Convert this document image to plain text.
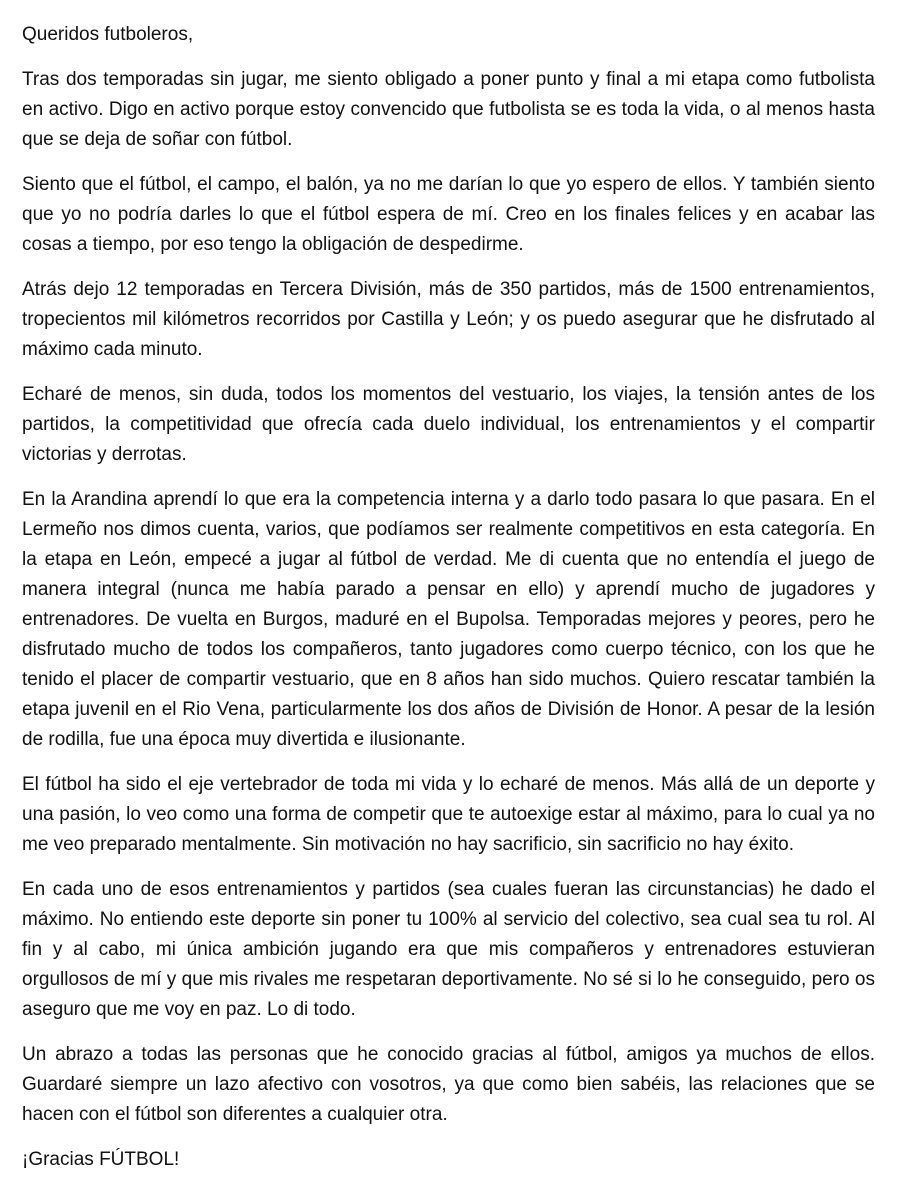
Queridos futboleros,

Tras dos temporadas sin jugar, me siento obligado a poner punto y final a mi etapa como futbolista en activo. Digo en activo porque estoy convencido que futbolista se es toda la vida, o al menos hasta que se deja de soñar con fútbol.

Siento que el fútbol, el campo, el balón, ya no me darían lo que yo espero de ellos. Y también siento que yo no podría darles lo que el fútbol espera de mí. Creo en los finales felices y en acabar las cosas a tiempo, por eso tengo la obligación de despedirme.

Atrás dejo 12 temporadas en Tercera División, más de 350 partidos, más de 1500 entrenamientos, tropecientos mil kilómetros recorridos por Castilla y León; y os puedo asegurar que he disfrutado al máximo cada minuto.

Echaré de menos, sin duda, todos los momentos del vestuario, los viajes, la tensión antes de los partidos, la competitividad que ofrecía cada duelo individual, los entrenamientos y el compartir victorias y derrotas.

En la Arandina aprendí lo que era la competencia interna y a darlo todo pasara lo que pasara. En el Lermeño nos dimos cuenta, varios, que podíamos ser realmente competitivos en esta categoría. En la etapa en León, empecé a jugar al fútbol de verdad. Me di cuenta que no entendía el juego de manera integral (nunca me había parado a pensar en ello) y aprendí mucho de jugadores y entrenadores. De vuelta en Burgos, maduré en el Bupolsa. Temporadas mejores y peores, pero he disfrutado mucho de todos los compañeros, tanto jugadores como cuerpo técnico, con los que he tenido el placer de compartir vestuario, que en 8 años han sido muchos. Quiero rescatar también la etapa juvenil en el Rio Vena, particularmente los dos años de División de Honor. A pesar de la lesión de rodilla, fue una época muy divertida e ilusionante.

El fútbol ha sido el eje vertebrador de toda mi vida y lo echaré de menos. Más allá de un deporte y una pasión, lo veo como una forma de competir que te autoexige estar al máximo, para lo cual ya no me veo preparado mentalmente. Sin motivación no hay sacrificio, sin sacrificio no hay éxito.

En cada uno de esos entrenamientos y partidos (sea cuales fueran las circunstancias) he dado el máximo. No entiendo este deporte sin poner tu 100% al servicio del colectivo, sea cual sea tu rol. Al fin y al cabo, mi única ambición jugando era que mis compañeros y entrenadores estuvieran orgullosos de mí y que mis rivales me respetaran deportivamente. No sé si lo he conseguido, pero os aseguro que me voy en paz. Lo di todo.

Un abrazo a todas las personas que he conocido gracias al fútbol, amigos ya muchos de ellos. Guardaré siempre un lazo afectivo con vosotros, ya que como bien sabéis, las relaciones que se hacen con el fútbol son diferentes a cualquier otra.

¡Gracias FÚTBOL!
